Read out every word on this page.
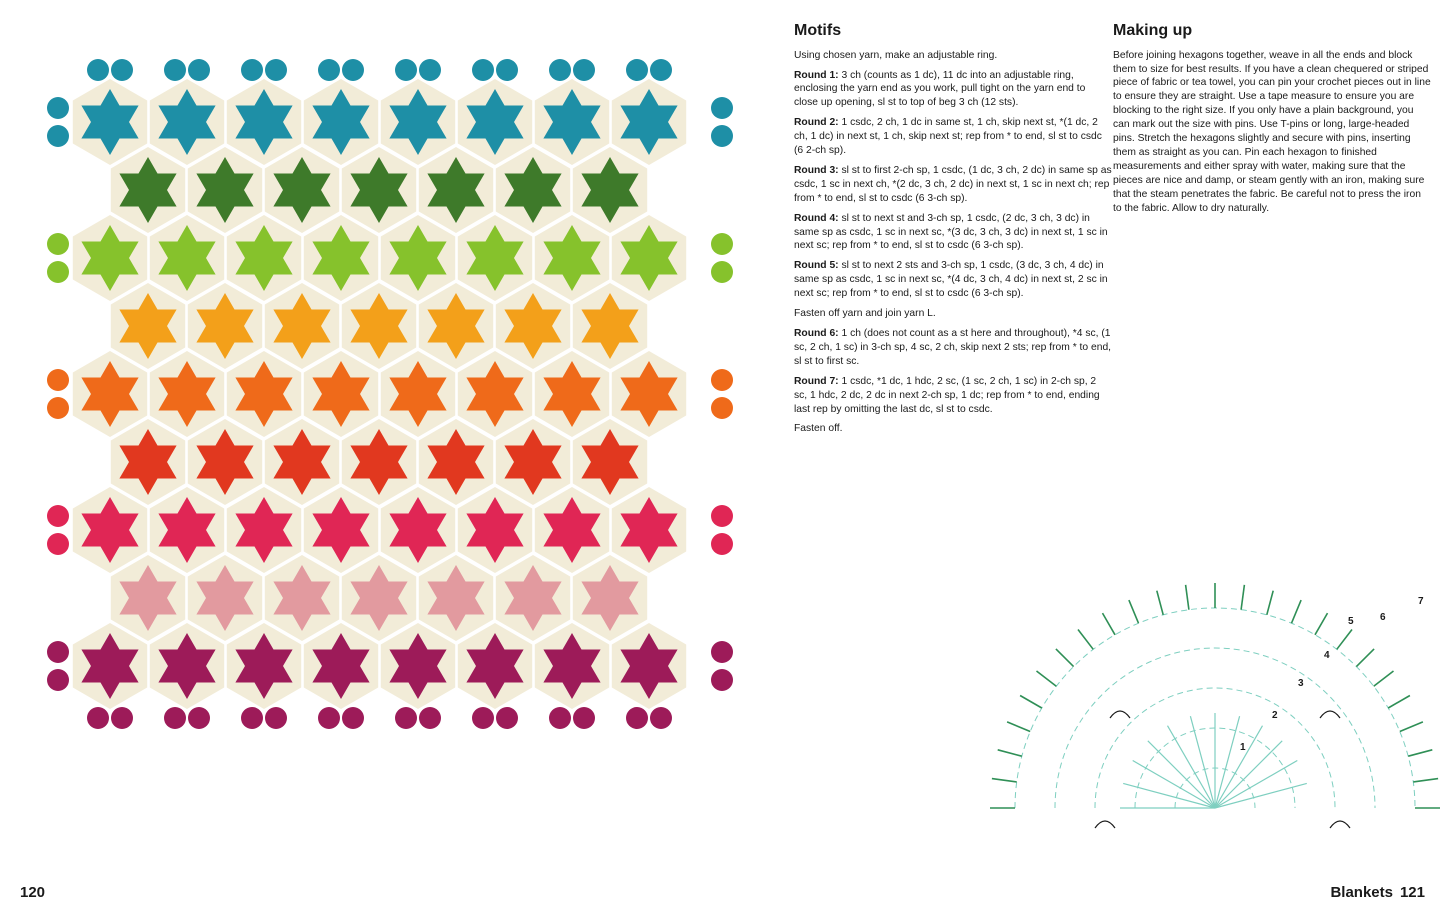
Motifs

Using chosen yarn, make an adjustable ring.

Round 1: 3 ch (counts as 1 dc), 11 dc into an adjustable ring, enclosing the yarn end as you work, pull tight on the yarn end to close up opening, sl st to top of beg 3 ch (12 sts).

Round 2: 1 csdc, 2 ch, 1 dc in same st, 1 ch, skip next st, *(1 dc, 2 ch, 1 dc) in next st, 1 ch, skip next st; rep from * to end, sl st to csdc (6 2-ch sp).

Round 3: sl st to first 2-ch sp, 1 csdc, (1 dc, 3 ch, 2 dc) in same sp as csdc, 1 sc in next ch, *(2 dc, 3 ch, 2 dc) in next st, 1 sc in next ch; rep from * to end, sl st to csdc (6 3-ch sp).

Round 4: sl st to next st and 3-ch sp, 1 csdc, (2 dc, 3 ch, 3 dc) in same sp as csdc, 1 sc in next sc, *(3 dc, 3 ch, 3 dc) in next st, 1 sc in next sc; rep from * to end, sl st to csdc (6 3-ch sp).

Round 5: sl st to next 2 sts and 3-ch sp, 1 csdc, (3 dc, 3 ch, 4 dc) in same sp as csdc, 1 sc in next sc, *(4 dc, 3 ch, 4 dc) in next st, 2 sc in next sc; rep from * to end, sl st to csdc (6 3-ch sp).

Fasten off yarn and join yarn L.

Round 6: 1 ch (does not count as a st here and throughout), *4 sc, (1 sc, 2 ch, 1 sc) in 3-ch sp, 4 sc, 2 ch, skip next 2 sts; rep from * to end, sl st to first sc.

Round 7: 1 csdc, *1 dc, 1 hdc, 2 sc, (1 sc, 2 ch, 1 sc) in 2-ch sp, 2 sc, 1 hdc, 2 dc, 2 dc in next 2-ch sp, 1 dc; rep from * to end, ending last rep by omitting the last dc, sl st to csdc.

Fasten off.

Making up

Before joining hexagons together, weave in all the ends and block them to size for best results. If you have a clean chequered or striped piece of fabric or tea towel, you can pin your crochet pieces out in line to ensure they are straight. Use a tape measure to ensure you are blocking to the right size. If you only have a plain background, you can mark out the size with pins. Use T-pins or long, large-headed pins. Stretch the hexagons slightly and secure with pins, inserting them as straight as you can. Pin each hexagon to finished measurements and either spray with water, making sure that the pieces are nice and damp, or steam gently with an iron, making sure that the steam penetrates the fabric. Be careful not to press the iron to the fabric. Allow to dry naturally.

1
2
3
4
5	6
7
120	Blankets 121
